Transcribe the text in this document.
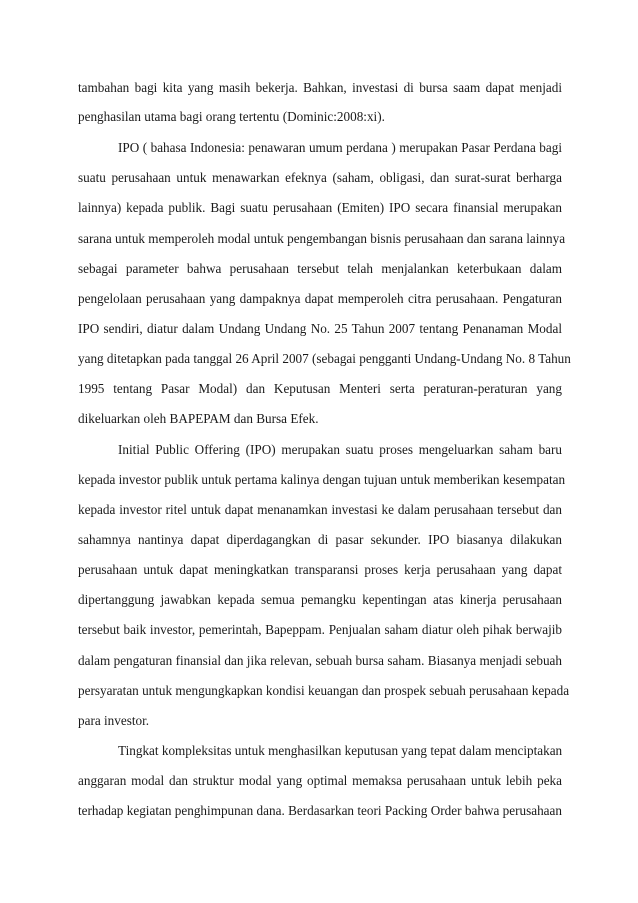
tambahan bagi kita yang masih bekerja. Bahkan, investasi di bursa saam dapat menjadi
penghasilan utama bagi orang tertentu (Dominic:2008:xi).
IPO ( bahasa Indonesia: penawaran umum perdana ) merupakan Pasar Perdana bagi
suatu perusahaan untuk menawarkan efeknya (saham, obligasi, dan surat-surat berharga
lainnya) kepada publik. Bagi suatu perusahaan (Emiten) IPO secara finansial merupakan
sarana untuk memperoleh modal untuk pengembangan bisnis perusahaan dan sarana lainnya
sebagai parameter bahwa perusahaan tersebut telah menjalankan keterbukaan dalam
pengelolaan perusahaan yang dampaknya dapat memperoleh citra perusahaan. Pengaturan
IPO sendiri, diatur dalam Undang Undang No. 25 Tahun 2007 tentang Penanaman Modal
yang ditetapkan pada tanggal 26 April 2007 (sebagai pengganti Undang-Undang No. 8 Tahun
1995 tentang Pasar Modal) dan Keputusan Menteri serta peraturan-peraturan yang
dikeluarkan oleh BAPEPAM dan Bursa Efek.
Initial Public Offering (IPO) merupakan suatu proses mengeluarkan saham baru
kepada investor publik untuk pertama kalinya dengan tujuan untuk memberikan kesempatan
kepada investor ritel untuk dapat menanamkan investasi ke dalam perusahaan tersebut dan
sahamnya nantinya dapat diperdagangkan di pasar sekunder. IPO biasanya dilakukan
perusahaan untuk dapat meningkatkan transparansi proses kerja perusahaan yang dapat
dipertanggung jawabkan kepada semua pemangku kepentingan atas kinerja perusahaan
tersebut baik investor, pemerintah, Bapeppam. Penjualan saham diatur oleh pihak berwajib
dalam pengaturan finansial dan jika relevan, sebuah bursa saham. Biasanya menjadi sebuah
persyaratan untuk mengungkapkan kondisi keuangan dan prospek sebuah perusahaan kepada
para investor.
Tingkat kompleksitas untuk menghasilkan keputusan yang tepat dalam menciptakan
anggaran modal dan struktur modal yang optimal memaksa perusahaan untuk lebih peka
terhadap kegiatan penghimpunan dana. Berdasarkan teori Packing Order bahwa perusahaan
